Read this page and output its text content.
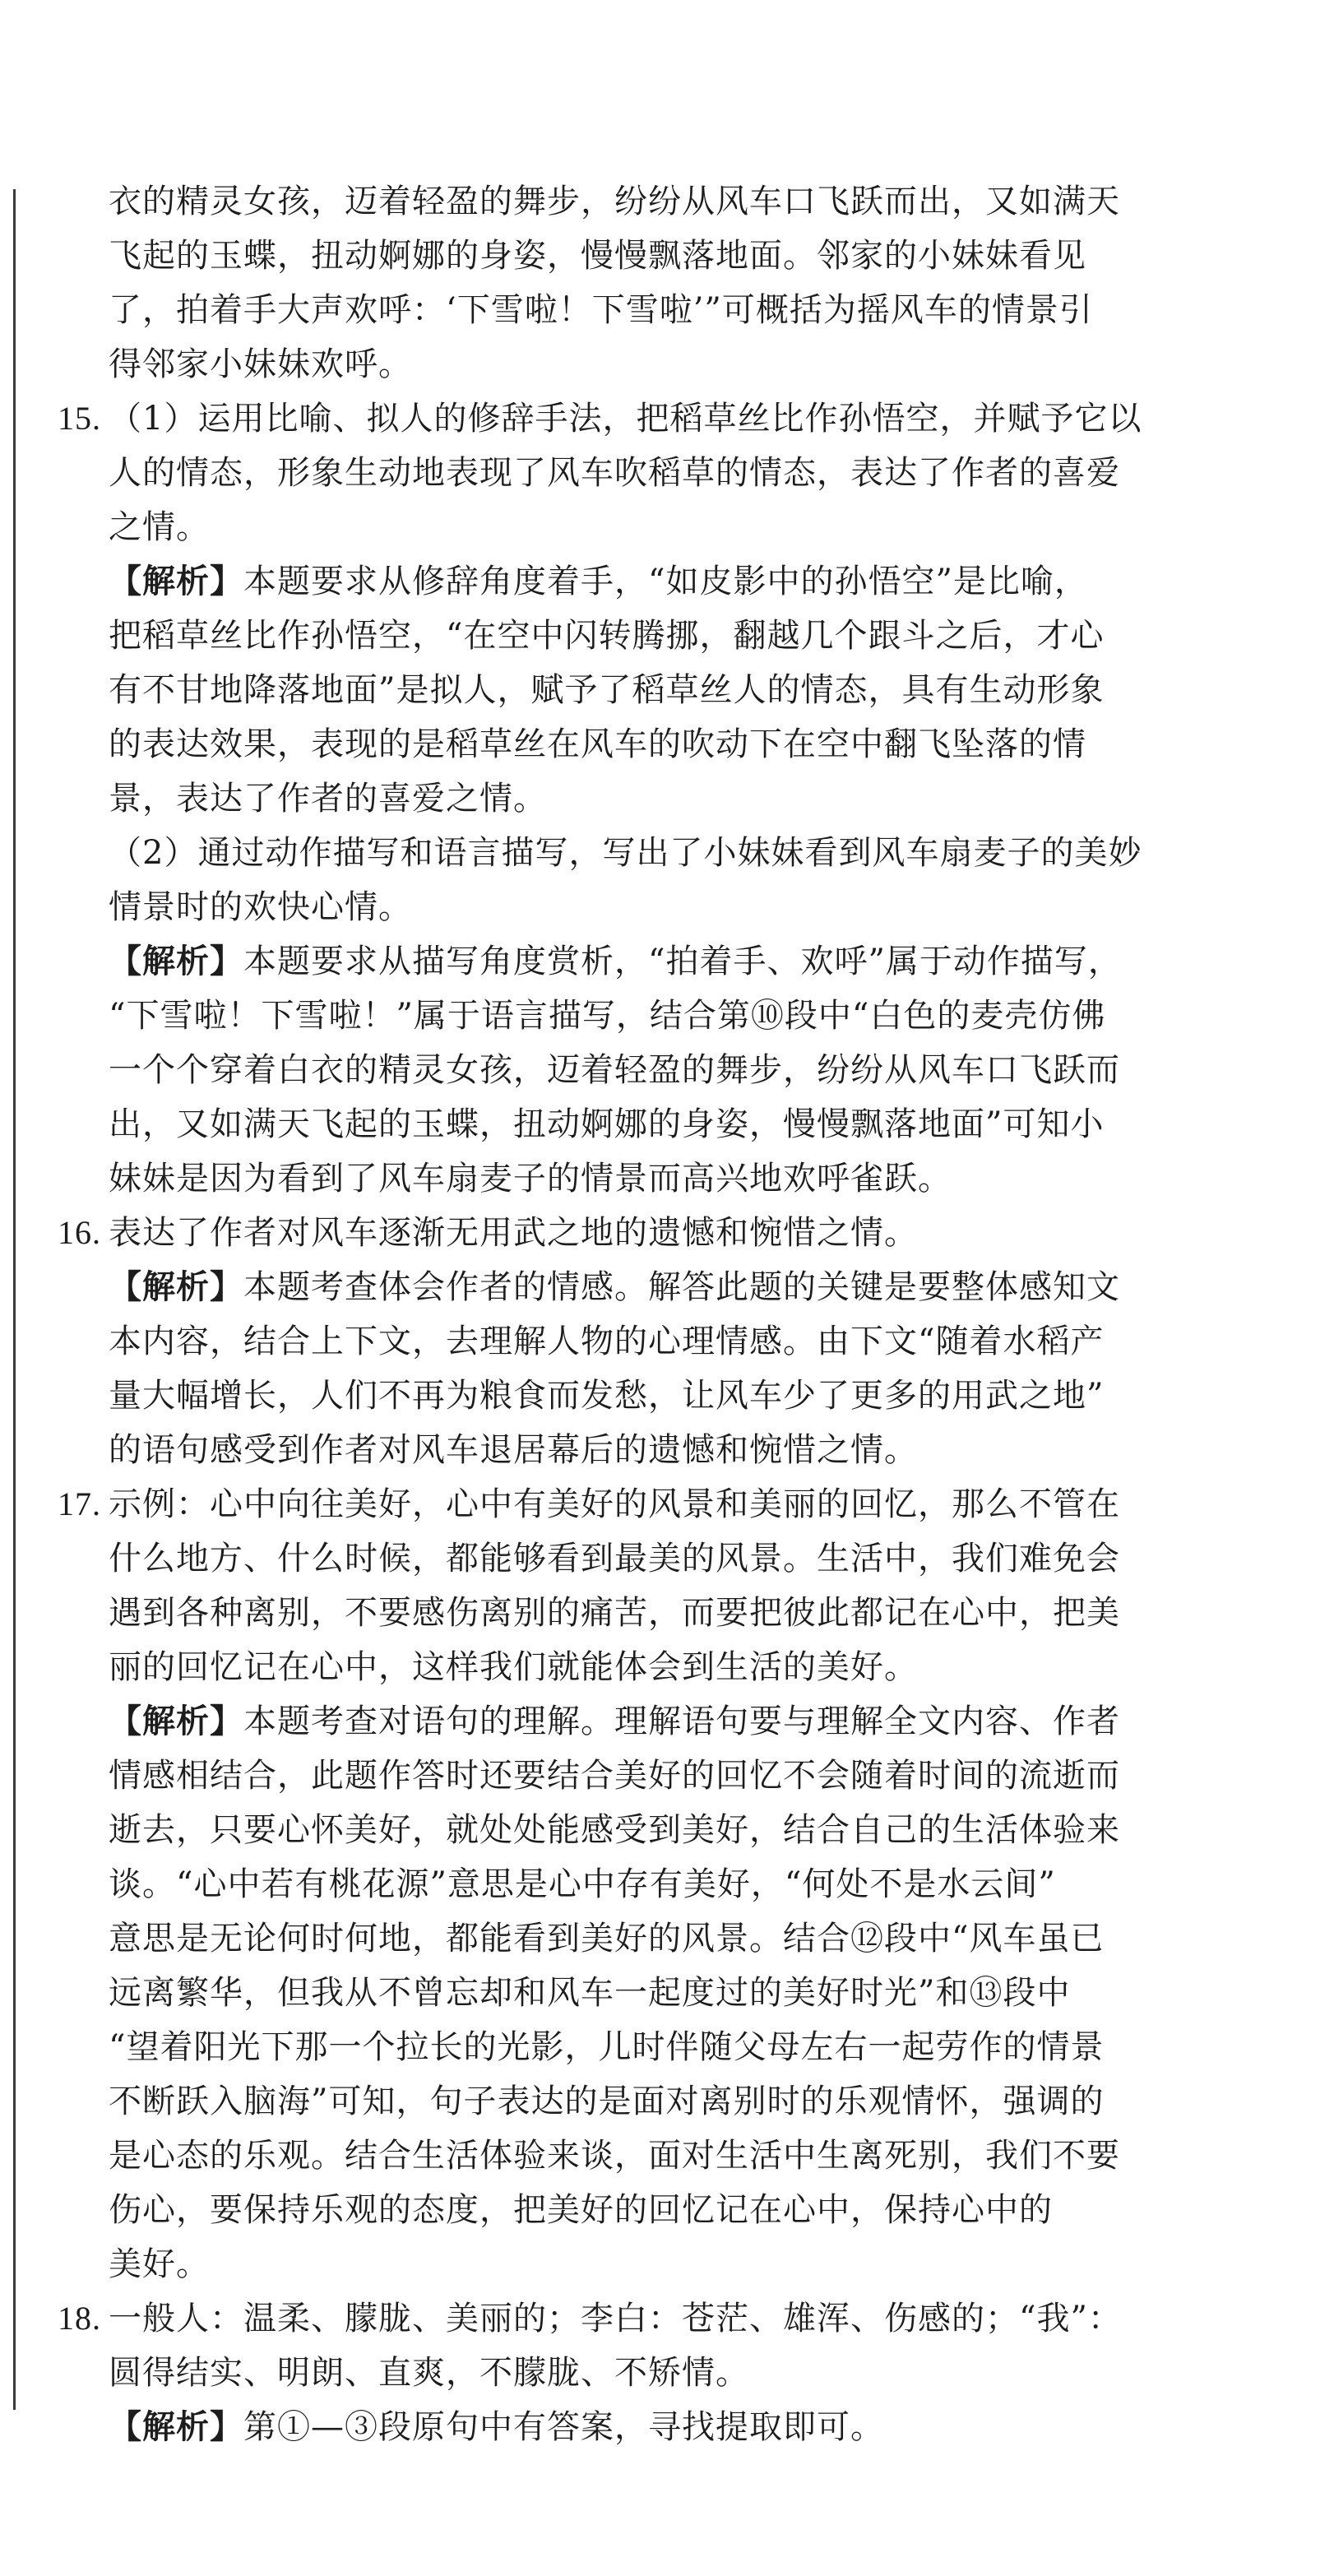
衣的精灵女孩，迈着轻盈的舞步，纷纷从风车口飞跃而出，又如满天
飞起的玉蝶，扭动婀娜的身姿，慢慢飘落地面。邻家的小妹妹看见
了，拍着手大声欢呼：‘下雪啦！下雪啦’”可概括为摇风车的情景引
得邻家小妹妹欢呼。
15. （1）运用比喻、拟人的修辞手法，把稻草丝比作孙悟空，并赋予它以
人的情态，形象生动地表现了风车吹稻草的情态，表达了作者的喜爱
之情。
【解析】本题要求从修辞角度着手，“如皮影中的孙悟空”是比喻，
把稻草丝比作孙悟空，“在空中闪转腾挪，翻越几个跟斗之后，才心
有不甘地降落地面”是拟人，赋予了稻草丝人的情态，具有生动形象
的表达效果，表现的是稻草丝在风车的吹动下在空中翻飞坠落的情
景，表达了作者的喜爱之情。
（2）通过动作描写和语言描写，写出了小妹妹看到风车扇麦子的美妙
情景时的欢快心情。
【解析】本题要求从描写角度赏析，“拍着手、欢呼”属于动作描写，
“下雪啦！下雪啦！”属于语言描写，结合第⑩段中“白色的麦壳仿佛
一个个穿着白衣的精灵女孩，迈着轻盈的舞步，纷纷从风车口飞跃而
出，又如满天飞起的玉蝶，扭动婀娜的身姿，慢慢飘落地面”可知小
妹妹是因为看到了风车扇麦子的情景而高兴地欢呼雀跃。
16. 表达了作者对风车逐渐无用武之地的遗憾和惋惜之情。
【解析】本题考查体会作者的情感。解答此题的关键是要整体感知文
本内容，结合上下文，去理解人物的心理情感。由下文“随着水稻产
量大幅增长，人们不再为粮食而发愁，让风车少了更多的用武之地”
的语句感受到作者对风车退居幕后的遗憾和惋惜之情。
17. 示例：心中向往美好，心中有美好的风景和美丽的回忆，那么不管在
什么地方、什么时候，都能够看到最美的风景。生活中，我们难免会
遇到各种离别，不要感伤离别的痛苦，而要把彼此都记在心中，把美
丽的回忆记在心中，这样我们就能体会到生活的美好。
【解析】本题考查对语句的理解。理解语句要与理解全文内容、作者
情感相结合，此题作答时还要结合美好的回忆不会随着时间的流逝而
逝去，只要心怀美好，就处处能感受到美好，结合自己的生活体验来
谈。“心中若有桃花源”意思是心中存有美好，“何处不是水云间”
意思是无论何时何地，都能看到美好的风景。结合⑫段中“风车虽已
远离繁华，但我从不曾忘却和风车一起度过的美好时光”和⑬段中
“望着阳光下那一个拉长的光影，儿时伴随父母左右一起劳作的情景
不断跃入脑海”可知，句子表达的是面对离别时的乐观情怀，强调的
是心态的乐观。结合生活体验来谈，面对生活中生离死别，我们不要
伤心，要保持乐观的态度，把美好的回忆记在心中，保持心中的
美好。
18. 一般人：温柔、朦胧、美丽的；李白：苍茫、雄浑、伤感的；“我”：
圆得结实、明朗、直爽，不朦胧、不矫情。
【解析】第①—③段原句中有答案，寻找提取即可。
